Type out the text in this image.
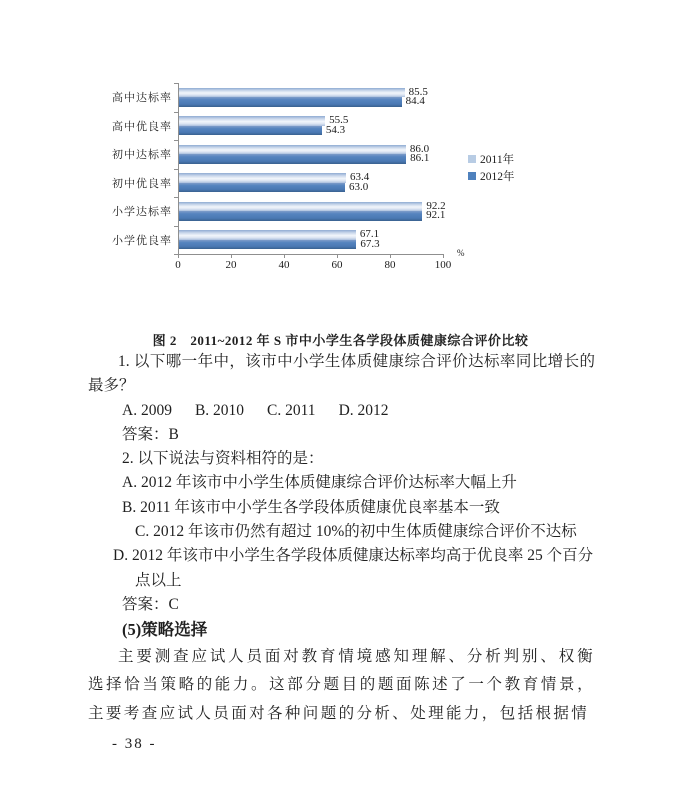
高中达标率
85.5
84.4
高中优良率
55.5
54.3
初中达标率
86.0
86.1
初中优良率
63.4
63.0
小学达标率
92.2
92.1
小学优良率
67.1
67.3
0	20	40	60	80	100
%
2011年
2012年
图 2　2011~2012 年 S 市中小学生各学段体质健康综合评价比较

1. 以下哪一年中，该市中小学生体质健康综合评价达标率同比增长的最多？

A. 2009 B. 2010 C. 2011 D. 2012

答案：B

2. 以下说法与资料相符的是：

A. 2012 年该市中小学生体质健康综合评价达标率大幅上升

B. 2011 年该市中小学生各学段体质健康优良率基本一致

C. 2012 年该市仍然有超过 10%的初中生体质健康综合评价不达标

D. 2012 年该市中小学生各学段体质健康达标率均高于优良率 25 个百分点以上

答案：C

(5)策略选择

主要测查应试人员面对教育情境感知理解、分析判别、权衡选择恰当策略的能力。这部分题目的题面陈述了一个教育情景，主要考查应试人员面对各种问题的分析、处理能力，包括根据情

- 38 -
